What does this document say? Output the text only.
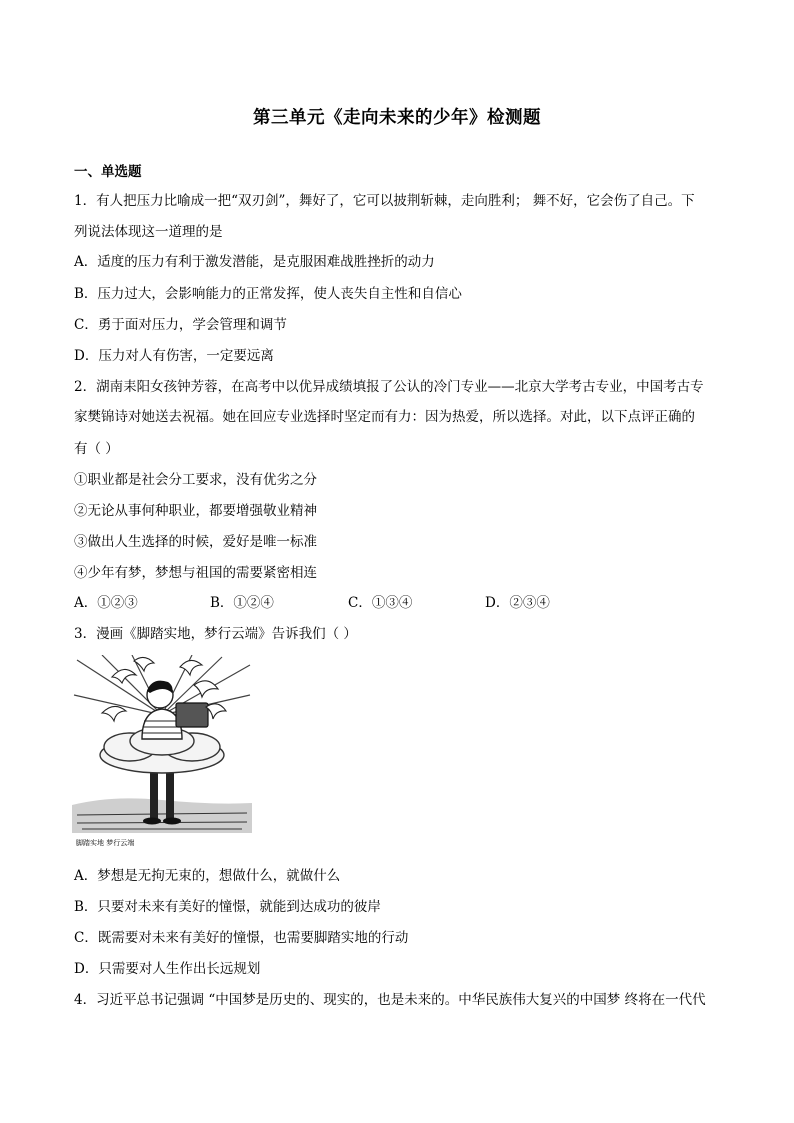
第三单元《走向未来的少年》检测题
一、单选题
1．有人把压力比喻成一把“双刃剑”，舞好了，它可以披荆斩棘，走向胜利； 舞不好，它会伤了自己。下
列说法体现这一道理的是
A．适度的压力有利于激发潜能，是克服困难战胜挫折的动力
B．压力过大，会影响能力的正常发挥，使人丧失自主性和自信心
C．勇于面对压力，学会管理和调节
D．压力对人有伤害，一定要远离
2．湖南耒阳女孩钟芳蓉，在高考中以优异成绩填报了公认的冷门专业——北京大学考古专业，中国考古专
家樊锦诗对她送去祝福。她在回应专业选择时坚定而有力：因为热爱，所以选择。对此，以下点评正确的
有（ ）
①职业都是社会分工要求，没有优劣之分
②无论从事何种职业，都要增强敬业精神
③做出人生选择的时候，爱好是唯一标准
④少年有梦，梦想与祖国的需要紧密相连
A．①②③	B．①②④	C．①③④	D．②③④
3．漫画《脚踏实地，梦行云端》告诉我们（ ）
脚踏实地 梦行云端
A．梦想是无拘无束的，想做什么，就做什么
B．只要对未来有美好的憧憬，就能到达成功的彼岸
C．既需要对未来有美好的憧憬，也需要脚踏实地的行动
D．只需要对人生作出长远规划
4．习近平总书记强调 “中国梦是历史的、现实的，也是未来的。中华民族伟大复兴的中国梦 终将在一代代
